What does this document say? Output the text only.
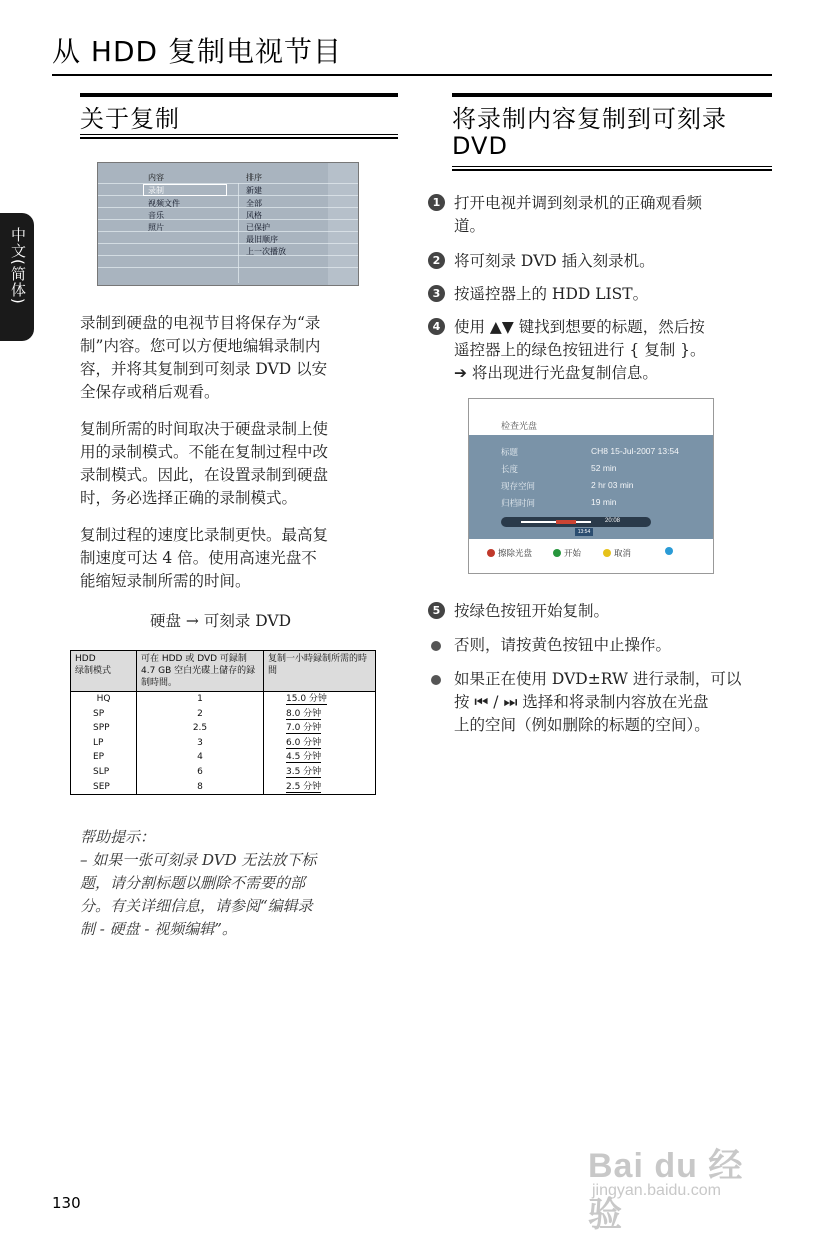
从 HDD 复制电视节目
中文(简体)
关于复制
内容	排序
录制
视频文件
音乐
照片
新建
全部
风格
已保护
最旧顺序
上一次播放
录制到硬盘的电视节目将保存为“录
制”内容。您可以方便地编辑录制内
容，并将其复制到可刻录 DVD 以安
全保存或稍后观看。
复制所需的时间取决于硬盘录制上使
用的录制模式。不能在复制过程中改
录制模式。因此，在设置录制到硬盘
时，务必选择正确的录制模式。
复制过程的速度比录制更快。最高复
制速度可达 4 倍。使用高速光盘不
能缩短录制所需的时间。
硬盘 → 可刻录 DVD
HDD
绿制模式	可在 HDD 或 DVD 可録制 4.7 GB 空白光碟上儲存的録制時間。	复制一小時録制所需的時間
HQ	1	15.0 分钟
SP	2	8.0 分钟
SPP	2.5	7.0 分钟
LP	3	6.0 分钟
EP	4	4.5 分钟
SLP	6	3.5 分钟
SEP	8	2.5 分钟
帮助提示：
– 如果一张可刻录 DVD 无法放下标
题，请分割标题以删除不需要的部
分。有关详细信息，请参阅“编辑录
制 - 硬盘 - 视频编辑”。
将录制内容复制到可刻录
DVD
1 打开电视并调到刻录机的正确观看频
道。
2 将可刻录 DVD 插入刻录机。
3 按遥控器上的 HDD LIST。
4 使用 ▲▼ 键找到想要的标题，然后按
遥控器上的绿色按钮进行 { 复制 }。
➔ 将出现进行光盘复制信息。
检查光盘
标题	CH8 15-Jul-2007 13:54
长度	52 min
现存空间	2 hr 03 min
归档时间	19 min
20:08
13:54
擦除光盘	开始	取消
5 按绿色按钮开始复制。
否则，请按黄色按钮中止操作。
如果正在使用 DVD±RW 进行录制，可以
按 ⏮ / ⏭ 选择和将录制内容放在光盘
上的空间（例如删除的标题的空间）。
130
Bai du 经验
jingyan.baidu.com
